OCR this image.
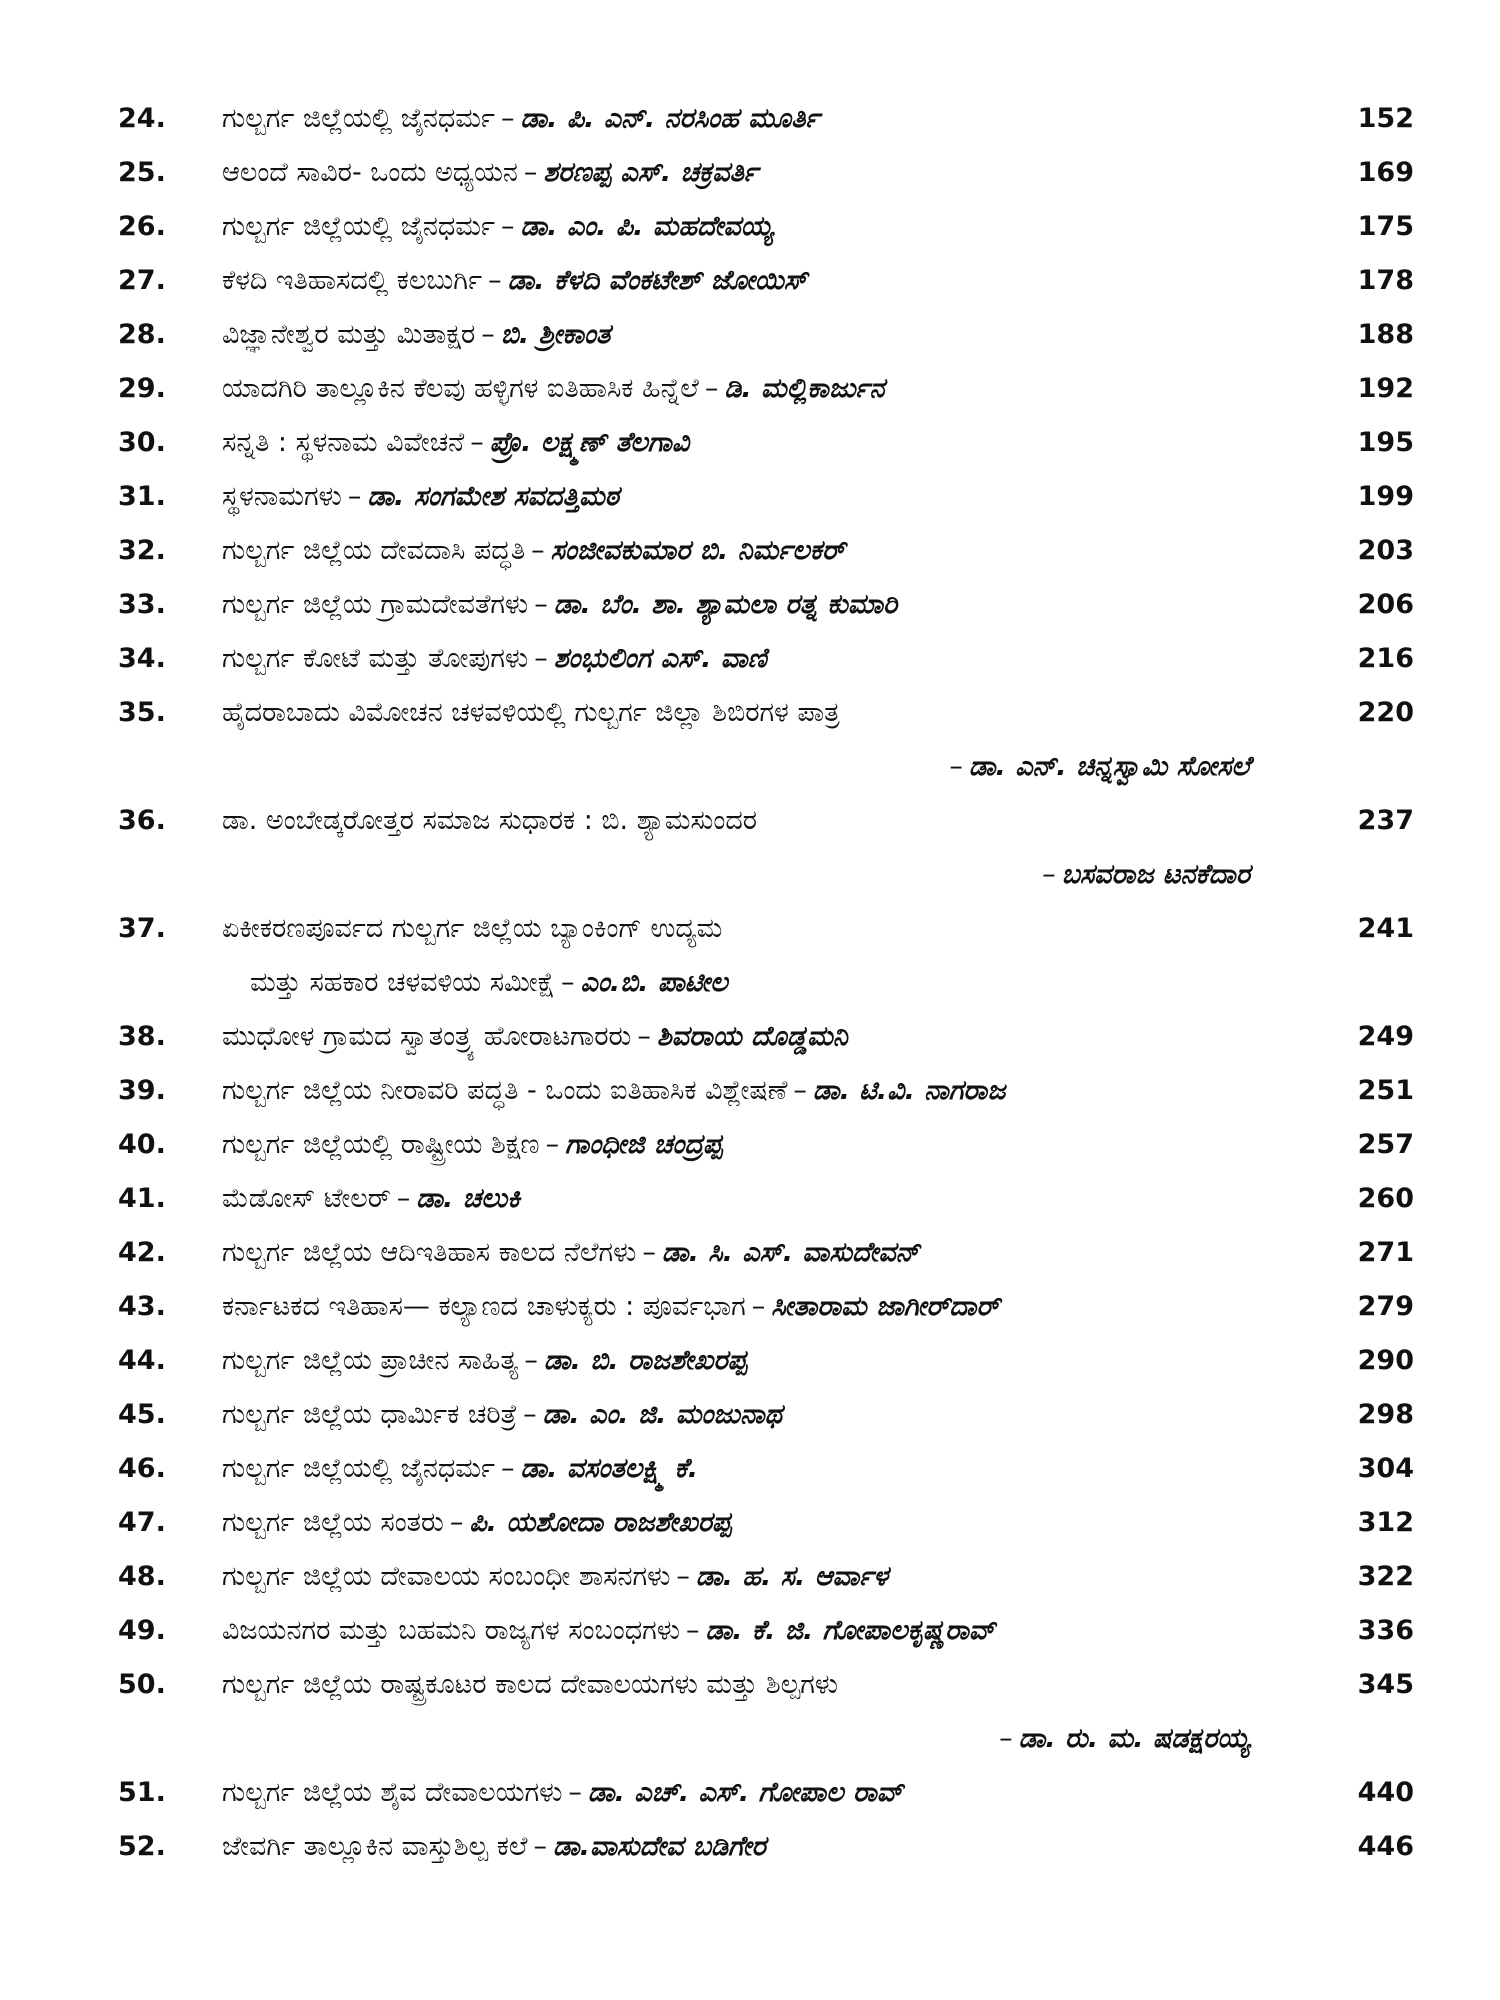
24. ಗುಲ್ಬರ್ಗ ಜಿಲ್ಲೆಯಲ್ಲಿ ಜೈನಧರ್ಮ – ಡಾ. ಪಿ. ಎನ್. ನರಸಿಂಹ ಮೂರ್ತಿ	152
25. ಆಲಂದೆ ಸಾವಿರ- ಒಂದು ಅಧ್ಯಯನ – ಶರಣಪ್ಪ ಎಸ್. ಚಕ್ರವರ್ತಿ	169
26. ಗುಲ್ಬರ್ಗ ಜಿಲ್ಲೆಯಲ್ಲಿ ಜೈನಧರ್ಮ – ಡಾ. ಎಂ. ಪಿ. ಮಹದೇವಯ್ಯ	175
27. ಕೆಳದಿ ಇತಿಹಾಸದಲ್ಲಿ ಕಲಬುರ್ಗಿ – ಡಾ. ಕೆಳದಿ ವೆಂಕಟೇಶ್ ಜೋಯಿಸ್	178
28. ವಿಜ್ಞಾನೇಶ್ವರ ಮತ್ತು ಮಿತಾಕ್ಷರ – ಬಿ. ಶ್ರೀಕಾಂತ	188
29. ಯಾದಗಿರಿ ತಾಲ್ಲೂಕಿನ ಕೆಲವು ಹಳ್ಳಿಗಳ ಐತಿಹಾಸಿಕ ಹಿನ್ನೆಲೆ – ಡಿ. ಮಲ್ಲಿಕಾರ್ಜುನ	192
30. ಸನ್ನತಿ : ಸ್ಥಳನಾಮ ವಿವೇಚನೆ – ಪ್ರೊ. ಲಕ್ಷ್ಮಣ್ ತೆಲಗಾವಿ	195
31. ಸ್ಥಳನಾಮಗಳು – ಡಾ. ಸಂಗಮೇಶ ಸವದತ್ತಿಮಠ	199
32. ಗುಲ್ಬರ್ಗ ಜಿಲ್ಲೆಯ ದೇವದಾಸಿ ಪದ್ಧತಿ – ಸಂಜೀವಕುಮಾರ ಬಿ. ನಿರ್ಮಲಕರ್	203
33. ಗುಲ್ಬರ್ಗ ಜಿಲ್ಲೆಯ ಗ್ರಾಮದೇವತೆಗಳು – ಡಾ. ಬೆಂ. ಶಾ. ಶ್ಯಾಮಲಾ ರತ್ನ ಕುಮಾರಿ	206
34. ಗುಲ್ಬರ್ಗ ಕೋಟೆ ಮತ್ತು ತೋಪುಗಳು – ಶಂಭುಲಿಂಗ ಎಸ್. ವಾಣಿ	216
35. ಹೈದರಾಬಾದು ವಿಮೋಚನ ಚಳವಳಿಯಲ್ಲಿ ಗುಲ್ಬರ್ಗ ಜಿಲ್ಲಾ ಶಿಬಿರಗಳ ಪಾತ್ರ	220
– ಡಾ. ಎನ್. ಚಿನ್ನಸ್ವಾಮಿ ಸೋಸಲೆ
36. ಡಾ. ಅಂಬೇಡ್ಕರೋತ್ತರ ಸಮಾಜ ಸುಧಾರಕ : ಬಿ. ಶ್ಯಾಮಸುಂದರ	237
– ಬಸವರಾಜ ಟನಕೆದಾರ
37. ಏಕೀಕರಣಪೂರ್ವದ ಗುಲ್ಬರ್ಗ ಜಿಲ್ಲೆಯ ಬ್ಯಾಂಕಿಂಗ್ ಉದ್ಯಮ	241
ಮತ್ತು ಸಹಕಾರ ಚಳವಳಿಯ ಸಮೀಕ್ಷೆ – ಎಂ.ಬಿ. ಪಾಟೀಲ
38. ಮುಧೋಳ ಗ್ರಾಮದ ಸ್ವಾತಂತ್ರ್ಯ ಹೋರಾಟಗಾರರು – ಶಿವರಾಯ ದೊಡ್ಡಮನಿ	249
39. ಗುಲ್ಬರ್ಗ ಜಿಲ್ಲೆಯ ನೀರಾವರಿ ಪದ್ಧತಿ - ಒಂದು ಐತಿಹಾಸಿಕ ವಿಶ್ಲೇಷಣೆ – ಡಾ. ಟಿ.ವಿ. ನಾಗರಾಜ	251
40. ಗುಲ್ಬರ್ಗ ಜಿಲ್ಲೆಯಲ್ಲಿ ರಾಷ್ಟ್ರೀಯ ಶಿಕ್ಷಣ – ಗಾಂಧೀಜಿ ಚಂದ್ರಪ್ಪ	257
41. ಮೆಡೋಸ್ ಟೇಲರ್ – ಡಾ. ಚಲುಕಿ	260
42. ಗುಲ್ಬರ್ಗ ಜಿಲ್ಲೆಯ ಆದಿಇತಿಹಾಸ ಕಾಲದ ನೆಲೆಗಳು – ಡಾ. ಸಿ. ಎಸ್. ವಾಸುದೇವನ್	271
43. ಕರ್ನಾಟಕದ ಇತಿಹಾಸ— ಕಲ್ಯಾಣದ ಚಾಳುಕ್ಯರು : ಪೂರ್ವಭಾಗ – ಸೀತಾರಾಮ ಜಾಗೀರ್‌ದಾರ್	279
44. ಗುಲ್ಬರ್ಗ ಜಿಲ್ಲೆಯ ಪ್ರಾಚೀನ ಸಾಹಿತ್ಯ – ಡಾ. ಬಿ. ರಾಜಶೇಖರಪ್ಪ	290
45. ಗುಲ್ಬರ್ಗ ಜಿಲ್ಲೆಯ ಧಾರ್ಮಿಕ ಚರಿತ್ರೆ – ಡಾ. ಎಂ. ಜಿ. ಮಂಜುನಾಥ	298
46. ಗುಲ್ಬರ್ಗ ಜಿಲ್ಲೆಯಲ್ಲಿ ಜೈನಧರ್ಮ – ಡಾ. ವಸಂತಲಕ್ಷ್ಮಿ ಕೆ.	304
47. ಗುಲ್ಬರ್ಗ ಜಿಲ್ಲೆಯ ಸಂತರು – ಪಿ. ಯಶೋದಾ ರಾಜಶೇಖರಪ್ಪ	312
48. ಗುಲ್ಬರ್ಗ ಜಿಲ್ಲೆಯ ದೇವಾಲಯ ಸಂಬಂಧೀ ಶಾಸನಗಳು – ಡಾ. ಹ. ಸ. ಆರ್ವಾಳ	322
49. ವಿಜಯನಗರ ಮತ್ತು ಬಹಮನಿ ರಾಜ್ಯಗಳ ಸಂಬಂಧಗಳು – ಡಾ. ಕೆ. ಜಿ. ಗೋಪಾಲಕೃಷ್ಣರಾವ್	336
50. ಗುಲ್ಬರ್ಗ ಜಿಲ್ಲೆಯ ರಾಷ್ಟ್ರಕೂಟರ ಕಾಲದ ದೇವಾಲಯಗಳು ಮತ್ತು ಶಿಲ್ಪಗಳು	345
– ಡಾ. ರು. ಮ. ಷಡಕ್ಷರಯ್ಯ
51. ಗುಲ್ಬರ್ಗ ಜಿಲ್ಲೆಯ ಶೈವ ದೇವಾಲಯಗಳು – ಡಾ. ಎಚ್. ಎಸ್. ಗೋಪಾಲ ರಾವ್	440
52. ಜೇವರ್ಗಿ ತಾಲ್ಲೂಕಿನ ವಾಸ್ತುಶಿಲ್ಪ ಕಲೆ – ಡಾ.ವಾಸುದೇವ ಬಡಿಗೇರ	446
